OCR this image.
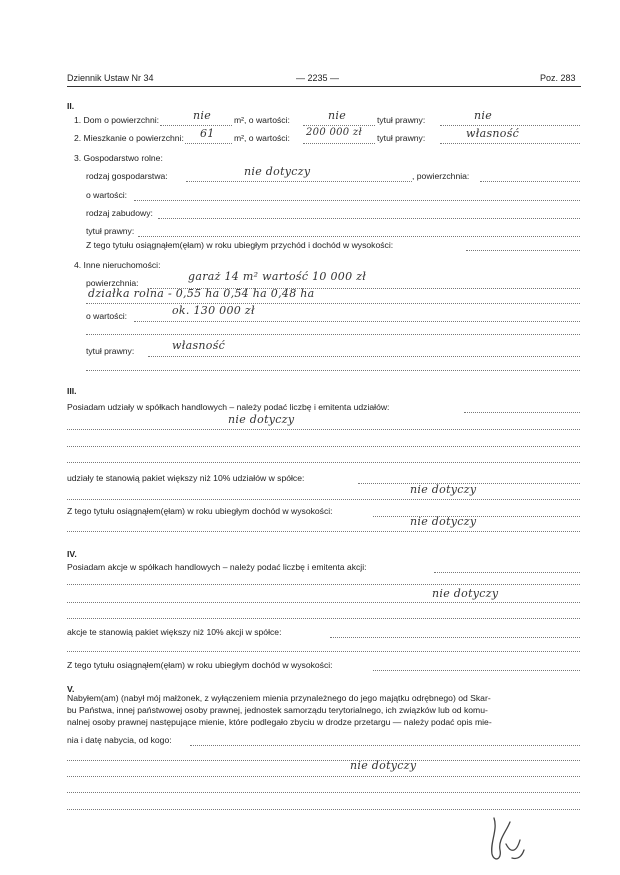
Dziennik Ustaw Nr 34	— 2235 —	Poz. 283
II.
1. Dom o powierzchni:	nie	m², o wartości:	nie	tytuł prawny:	nie
2. Mieszkanie o powierzchni: 61 m², o wartości: 200 000 zł tytuł prawny:	własność
3. Gospodarstwo rolne:
rodzaj gospodarstwa:	nie dotyczy	, powierzchnia:
o wartości:
rodzaj zabudowy:
tytuł prawny:
Z tego tytułu osiągnąłem(ęłam) w roku ubiegłym przychód i dochód w wysokości:
4. Inne nieruchomości:
powierzchnia:	garaż 14 m² wartość 10 000 zł
działka rolna - 0,55 ha 0,54 ha 0,48 ha
o wartości:	ok. 130 000 zł
tytuł prawny:	własność
III.
Posiadam udziały w spółkach handlowych – należy podać liczbę i emitenta udziałów:
nie dotyczy
udziały te stanowią pakiet większy niż 10% udziałów w spółce:
nie dotyczy
Z tego tytułu osiągnąłem(ęłam) w roku ubiegłym dochód w wysokości:
nie dotyczy
IV.
Posiadam akcje w spółkach handlowych – należy podać liczbę i emitenta akcji:
nie dotyczy
akcje te stanowią pakiet większy niż 10% akcji w spółce:
Z tego tytułu osiągnąłem(ęłam) w roku ubiegłym dochód w wysokości:
V.
Nabyłem(am) (nabył mój małżonek, z wyłączeniem mienia przynależnego do jego majątku odrębnego) od Skar-
bu Państwa, innej państwowej osoby prawnej, jednostek samorządu terytorialnego, ich związków lub od komu-
nalnej osoby prawnej następujące mienie, które podlegało zbyciu w drodze przetargu — należy podać opis mie-
nia i datę nabycia, od kogo:
nie dotyczy
